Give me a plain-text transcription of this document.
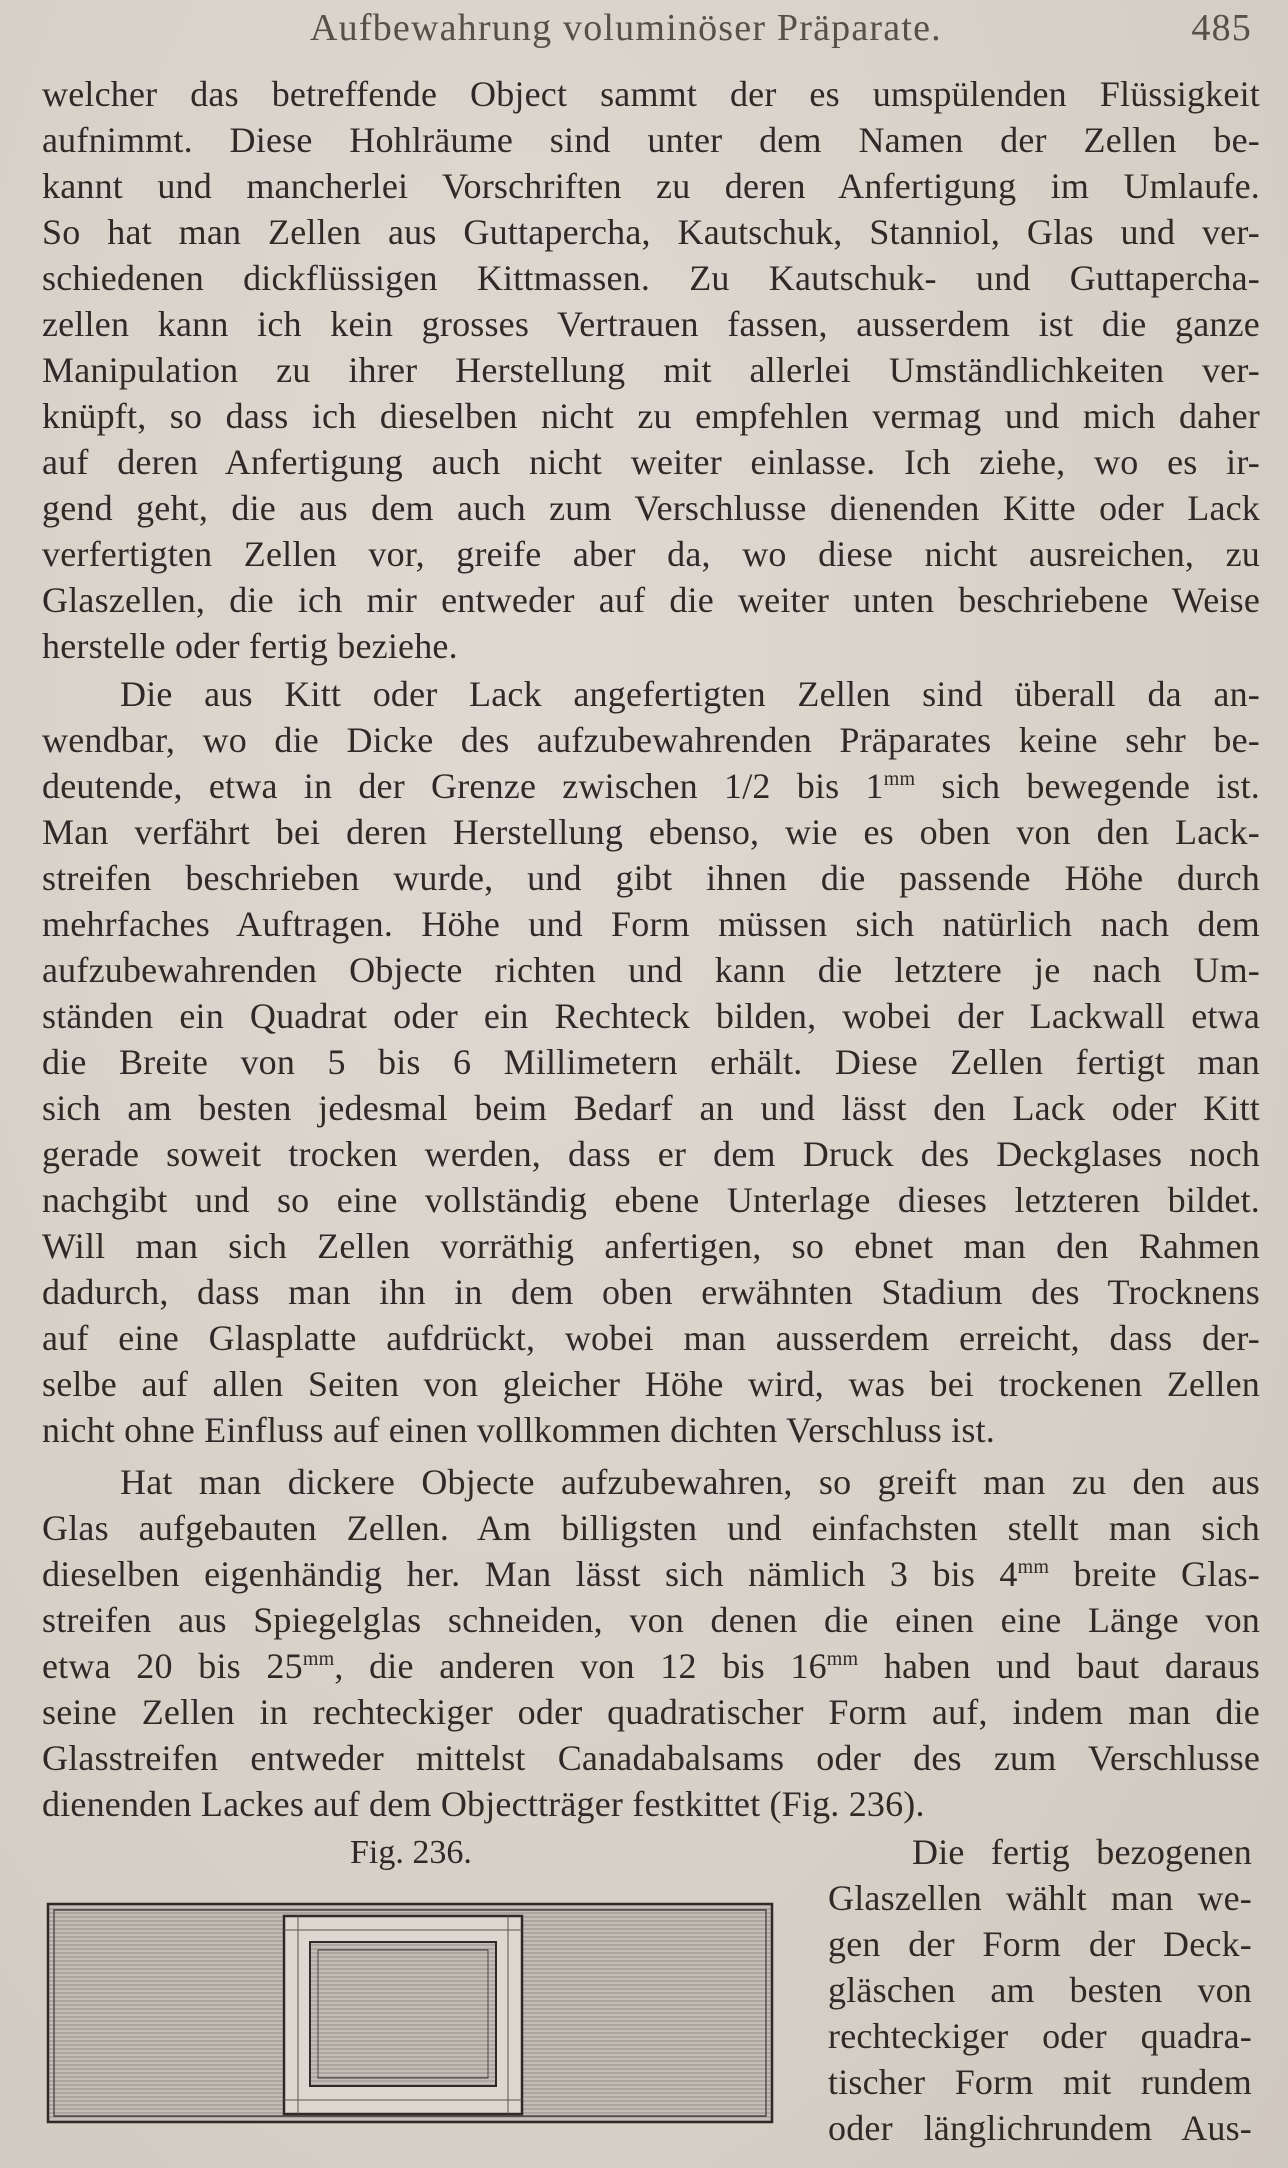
Aufbewahrung voluminöser Präparate.	485
welcher das betreffende Object sammt der es umspülenden Flüssigkeit
aufnimmt. Diese Hohlräume sind unter dem Namen der Zellen be-
kannt und mancherlei Vorschriften zu deren Anfertigung im Umlaufe.
So hat man Zellen aus Guttapercha, Kautschuk, Stanniol, Glas und ver-
schiedenen dickflüssigen Kittmassen. Zu Kautschuk- und Guttapercha-
zellen kann ich kein grosses Vertrauen fassen, ausserdem ist die ganze
Manipulation zu ihrer Herstellung mit allerlei Umständlichkeiten ver-
knüpft, so dass ich dieselben nicht zu empfehlen vermag und mich daher
auf deren Anfertigung auch nicht weiter einlasse. Ich ziehe, wo es ir-
gend geht, die aus dem auch zum Verschlusse dienenden Kitte oder Lack
verfertigten Zellen vor, greife aber da, wo diese nicht ausreichen, zu
Glaszellen, die ich mir entweder auf die weiter unten beschriebene Weise
herstelle oder fertig beziehe.
Die aus Kitt oder Lack angefertigten Zellen sind überall da an-
wendbar, wo die Dicke des aufzubewahrenden Präparates keine sehr be-
deutende, etwa in der Grenze zwischen 1/2 bis $1^{mm}$ sich bewegende ist.
Man verfährt bei deren Herstellung ebenso, wie es oben von den Lack-
streifen beschrieben wurde, und gibt ihnen die passende Höhe durch
mehrfaches Auftragen. Höhe und Form müssen sich natürlich nach dem
aufzubewahrenden Objecte richten und kann die letztere je nach Um-
ständen ein Quadrat oder ein Rechteck bilden, wobei der Lackwall etwa
die Breite von 5 bis 6 Millimetern erhält. Diese Zellen fertigt man
sich am besten jedesmal beim Bedarf an und lässt den Lack oder Kitt
gerade soweit trocken werden, dass er dem Druck des Deckglases noch
nachgibt und so eine vollständig ebene Unterlage dieses letzteren bildet.
Will man sich Zellen vorräthig anfertigen, so ebnet man den Rahmen
dadurch, dass man ihn in dem oben erwähnten Stadium des Trocknens
auf eine Glasplatte aufdrückt, wobei man ausserdem erreicht, dass der-
selbe auf allen Seiten von gleicher Höhe wird, was bei trockenen Zellen
nicht ohne Einfluss auf einen vollkommen dichten Verschluss ist.
Hat man dickere Objecte aufzubewahren, so greift man zu den aus
Glas aufgebauten Zellen. Am billigsten und einfachsten stellt man sich
dieselben eigenhändig her. Man lässt sich nämlich 3 bis $4^{mm}$ breite Glas-
streifen aus Spiegelglas schneiden, von denen die einen eine Länge von
etwa 20 bis $25^{mm}$, die anderen von 12 bis $16^{mm}$ haben und baut daraus
seine Zellen in rechteckiger oder quadratischer Form auf, indem man die
Glasstreifen entweder mittelst Canadabalsams oder des zum Verschlusse
dienenden Lackes auf dem Objectträger festkittet (Fig. 236).
Fig. 236.	Die fertig bezogenen
Glaszellen wählt man we-
gen der Form der Deck-
gläschen am besten von
rechteckiger oder quadra-
tischer Form mit rundem
oder länglichrundem Aus-
